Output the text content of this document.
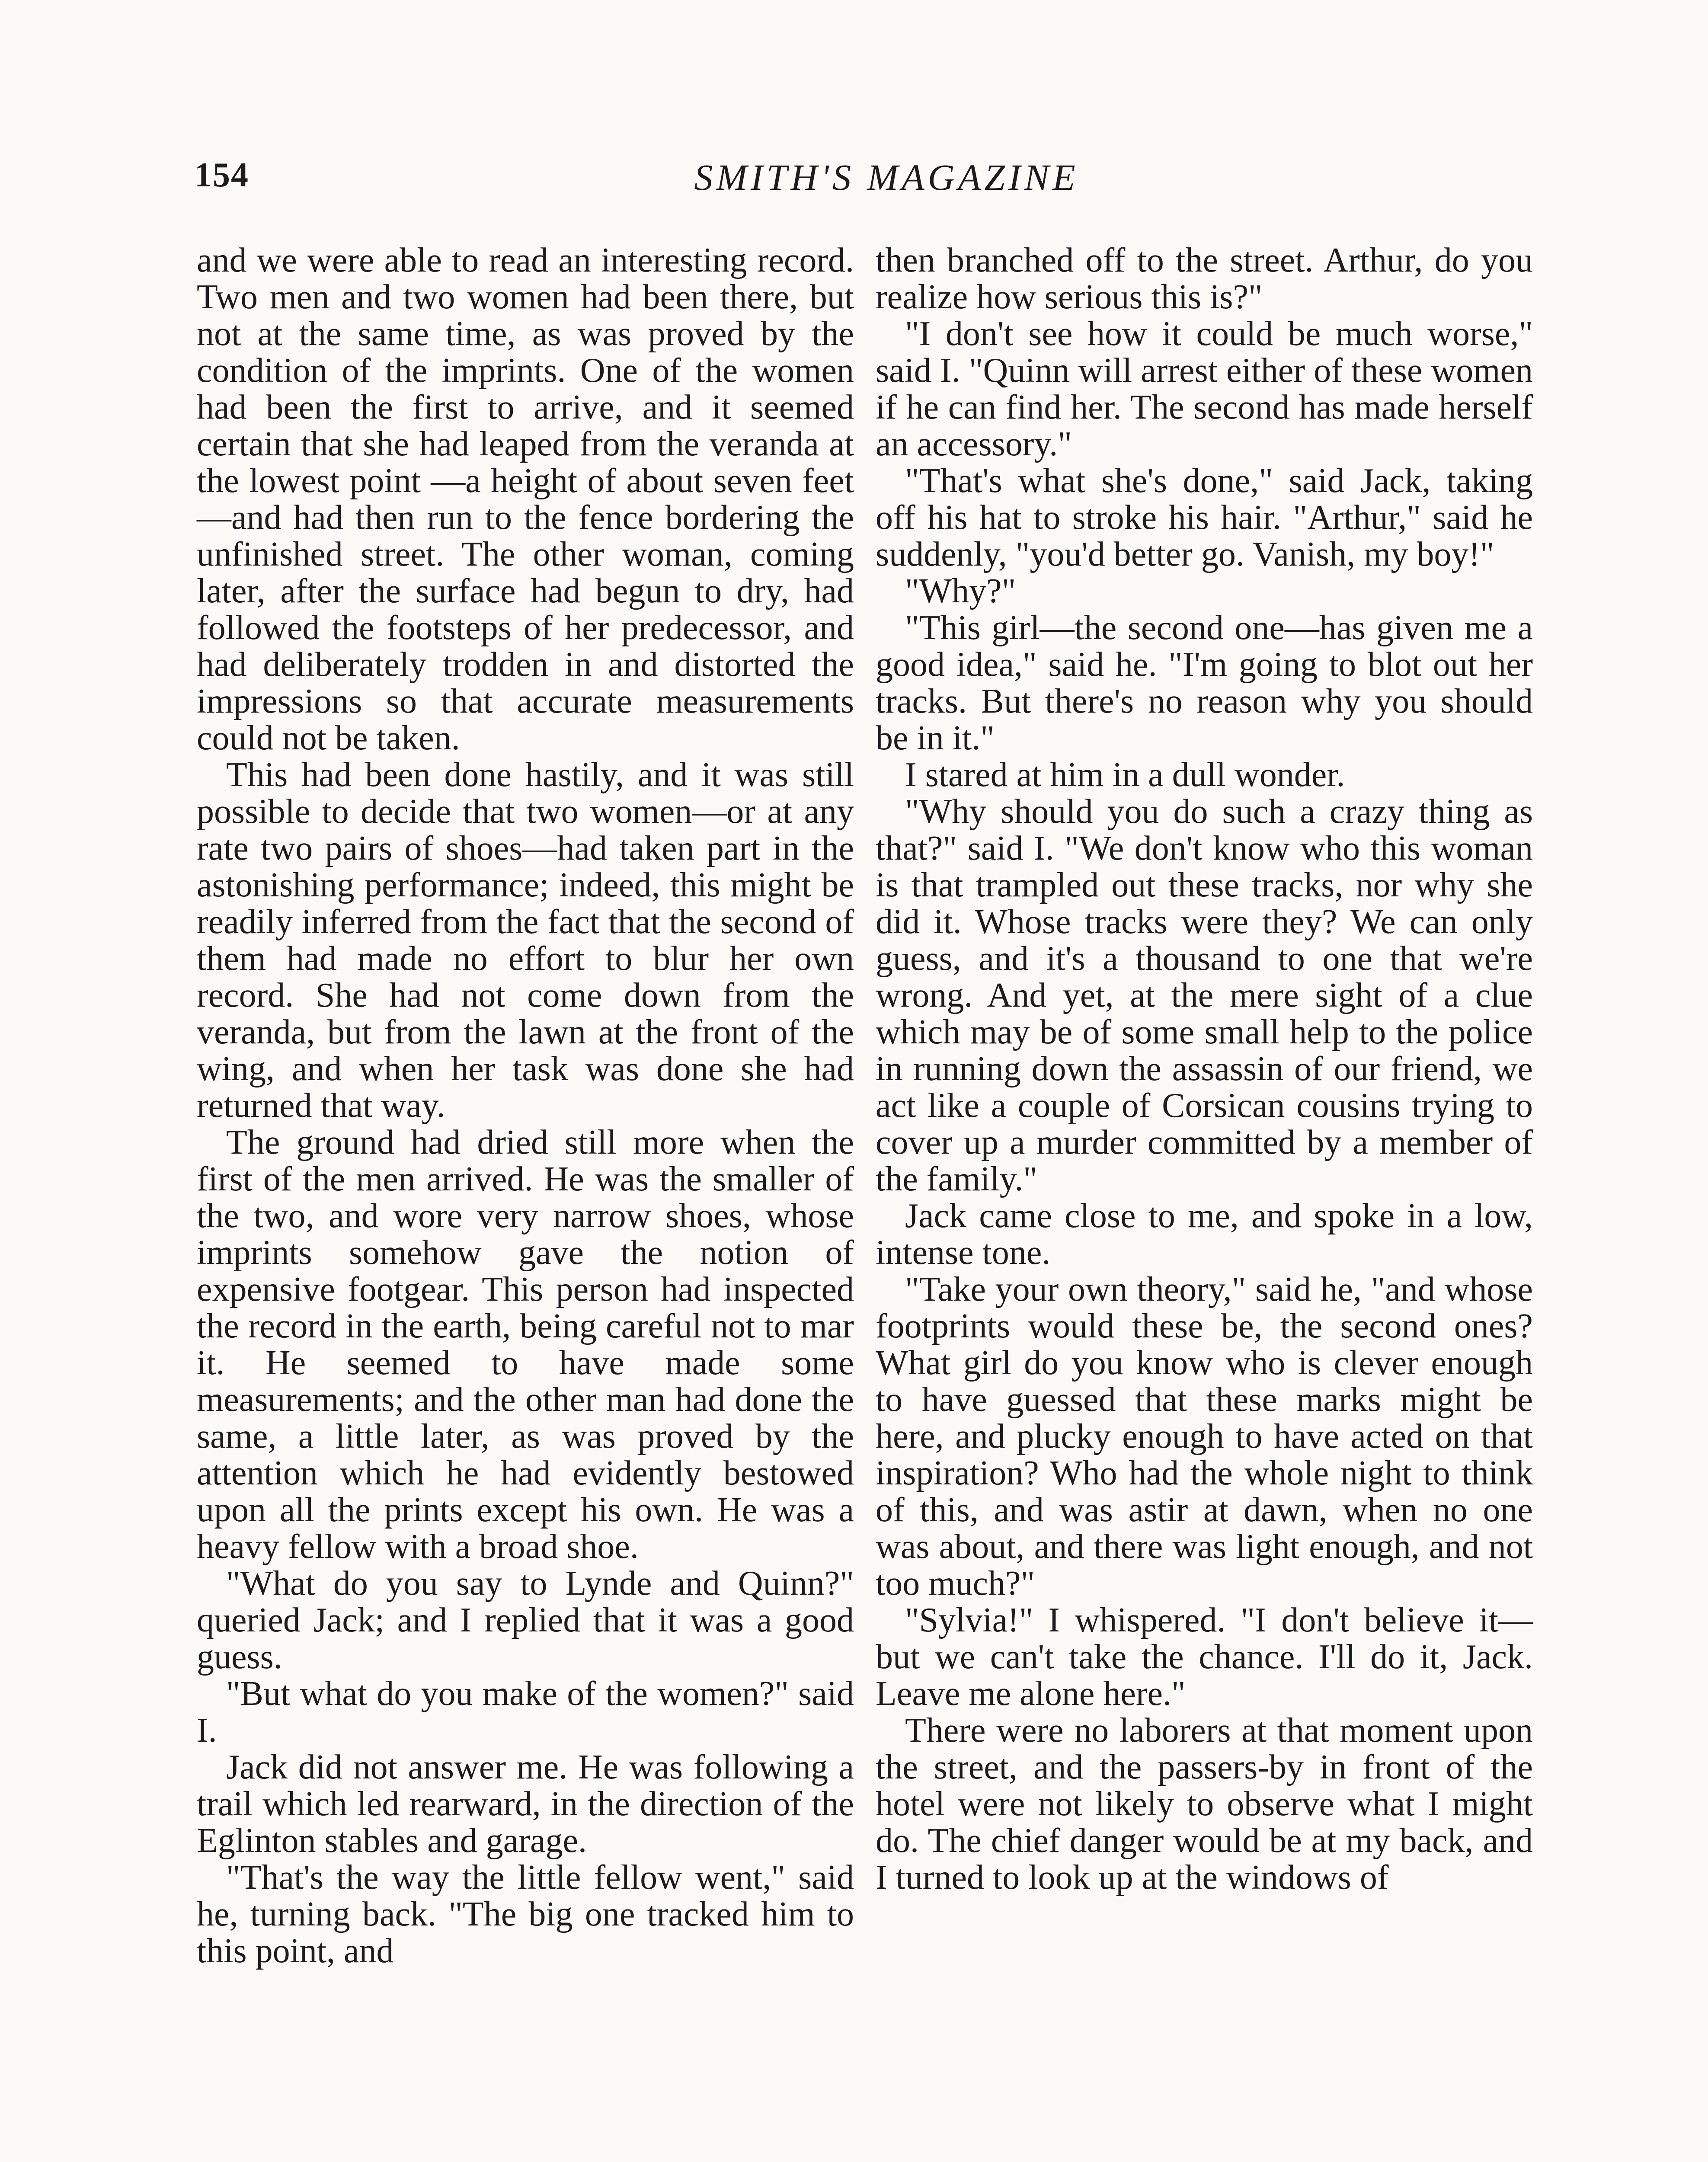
154	SMITH'S MAGAZINE

and we were able to read an interesting record. Two men and two women had been there, but not at the same time, as was proved by the condition of the imprints. One of the women had been the first to arrive, and it seemed certain that she had leaped from the veranda at the lowest point —a height of about seven feet—and had then run to the fence bordering the unfinished street. The other woman, coming later, after the surface had begun to dry, had followed the footsteps of her predecessor, and had deliberately trodden in and distorted the impressions so that accurate measurements could not be taken.

This had been done hastily, and it was still possible to decide that two women—or at any rate two pairs of shoes—had taken part in the astonishing performance; indeed, this might be readily inferred from the fact that the second of them had made no effort to blur her own record. She had not come down from the veranda, but from the lawn at the front of the wing, and when her task was done she had returned that way.

The ground had dried still more when the first of the men arrived. He was the smaller of the two, and wore very narrow shoes, whose imprints somehow gave the notion of expensive footgear. This person had inspected the record in the earth, being careful not to mar it. He seemed to have made some measurements; and the other man had done the same, a little later, as was proved by the attention which he had evidently bestowed upon all the prints except his own. He was a heavy fellow with a broad shoe.

"What do you say to Lynde and Quinn?" queried Jack; and I replied that it was a good guess.

"But what do you make of the women?" said I.

Jack did not answer me. He was following a trail which led rearward, in the direction of the Eglinton stables and garage.

"That's the way the little fellow went," said he, turning back. "The big one tracked him to this point, and

then branched off to the street. Arthur, do you realize how serious this is?"

"I don't see how it could be much worse," said I. "Quinn will arrest either of these women if he can find her. The second has made herself an accessory."

"That's what she's done," said Jack, taking off his hat to stroke his hair. "Arthur," said he suddenly, "you'd better go. Vanish, my boy!"

"Why?"

"This girl—the second one—has given me a good idea," said he. "I'm going to blot out her tracks. But there's no reason why you should be in it."

I stared at him in a dull wonder.

"Why should you do such a crazy thing as that?" said I. "We don't know who this woman is that trampled out these tracks, nor why she did it. Whose tracks were they? We can only guess, and it's a thousand to one that we're wrong. And yet, at the mere sight of a clue which may be of some small help to the police in running down the assassin of our friend, we act like a couple of Corsican cousins trying to cover up a murder committed by a member of the family."

Jack came close to me, and spoke in a low, intense tone.

"Take your own theory," said he, "and whose footprints would these be, the second ones? What girl do you know who is clever enough to have guessed that these marks might be here, and plucky enough to have acted on that inspiration? Who had the whole night to think of this, and was astir at dawn, when no one was about, and there was light enough, and not too much?"

"Sylvia!" I whispered. "I don't believe it—but we can't take the chance. I'll do it, Jack. Leave me alone here."

There were no laborers at that moment upon the street, and the passers-by in front of the hotel were not likely to observe what I might do. The chief danger would be at my back, and I turned to look up at the windows of
